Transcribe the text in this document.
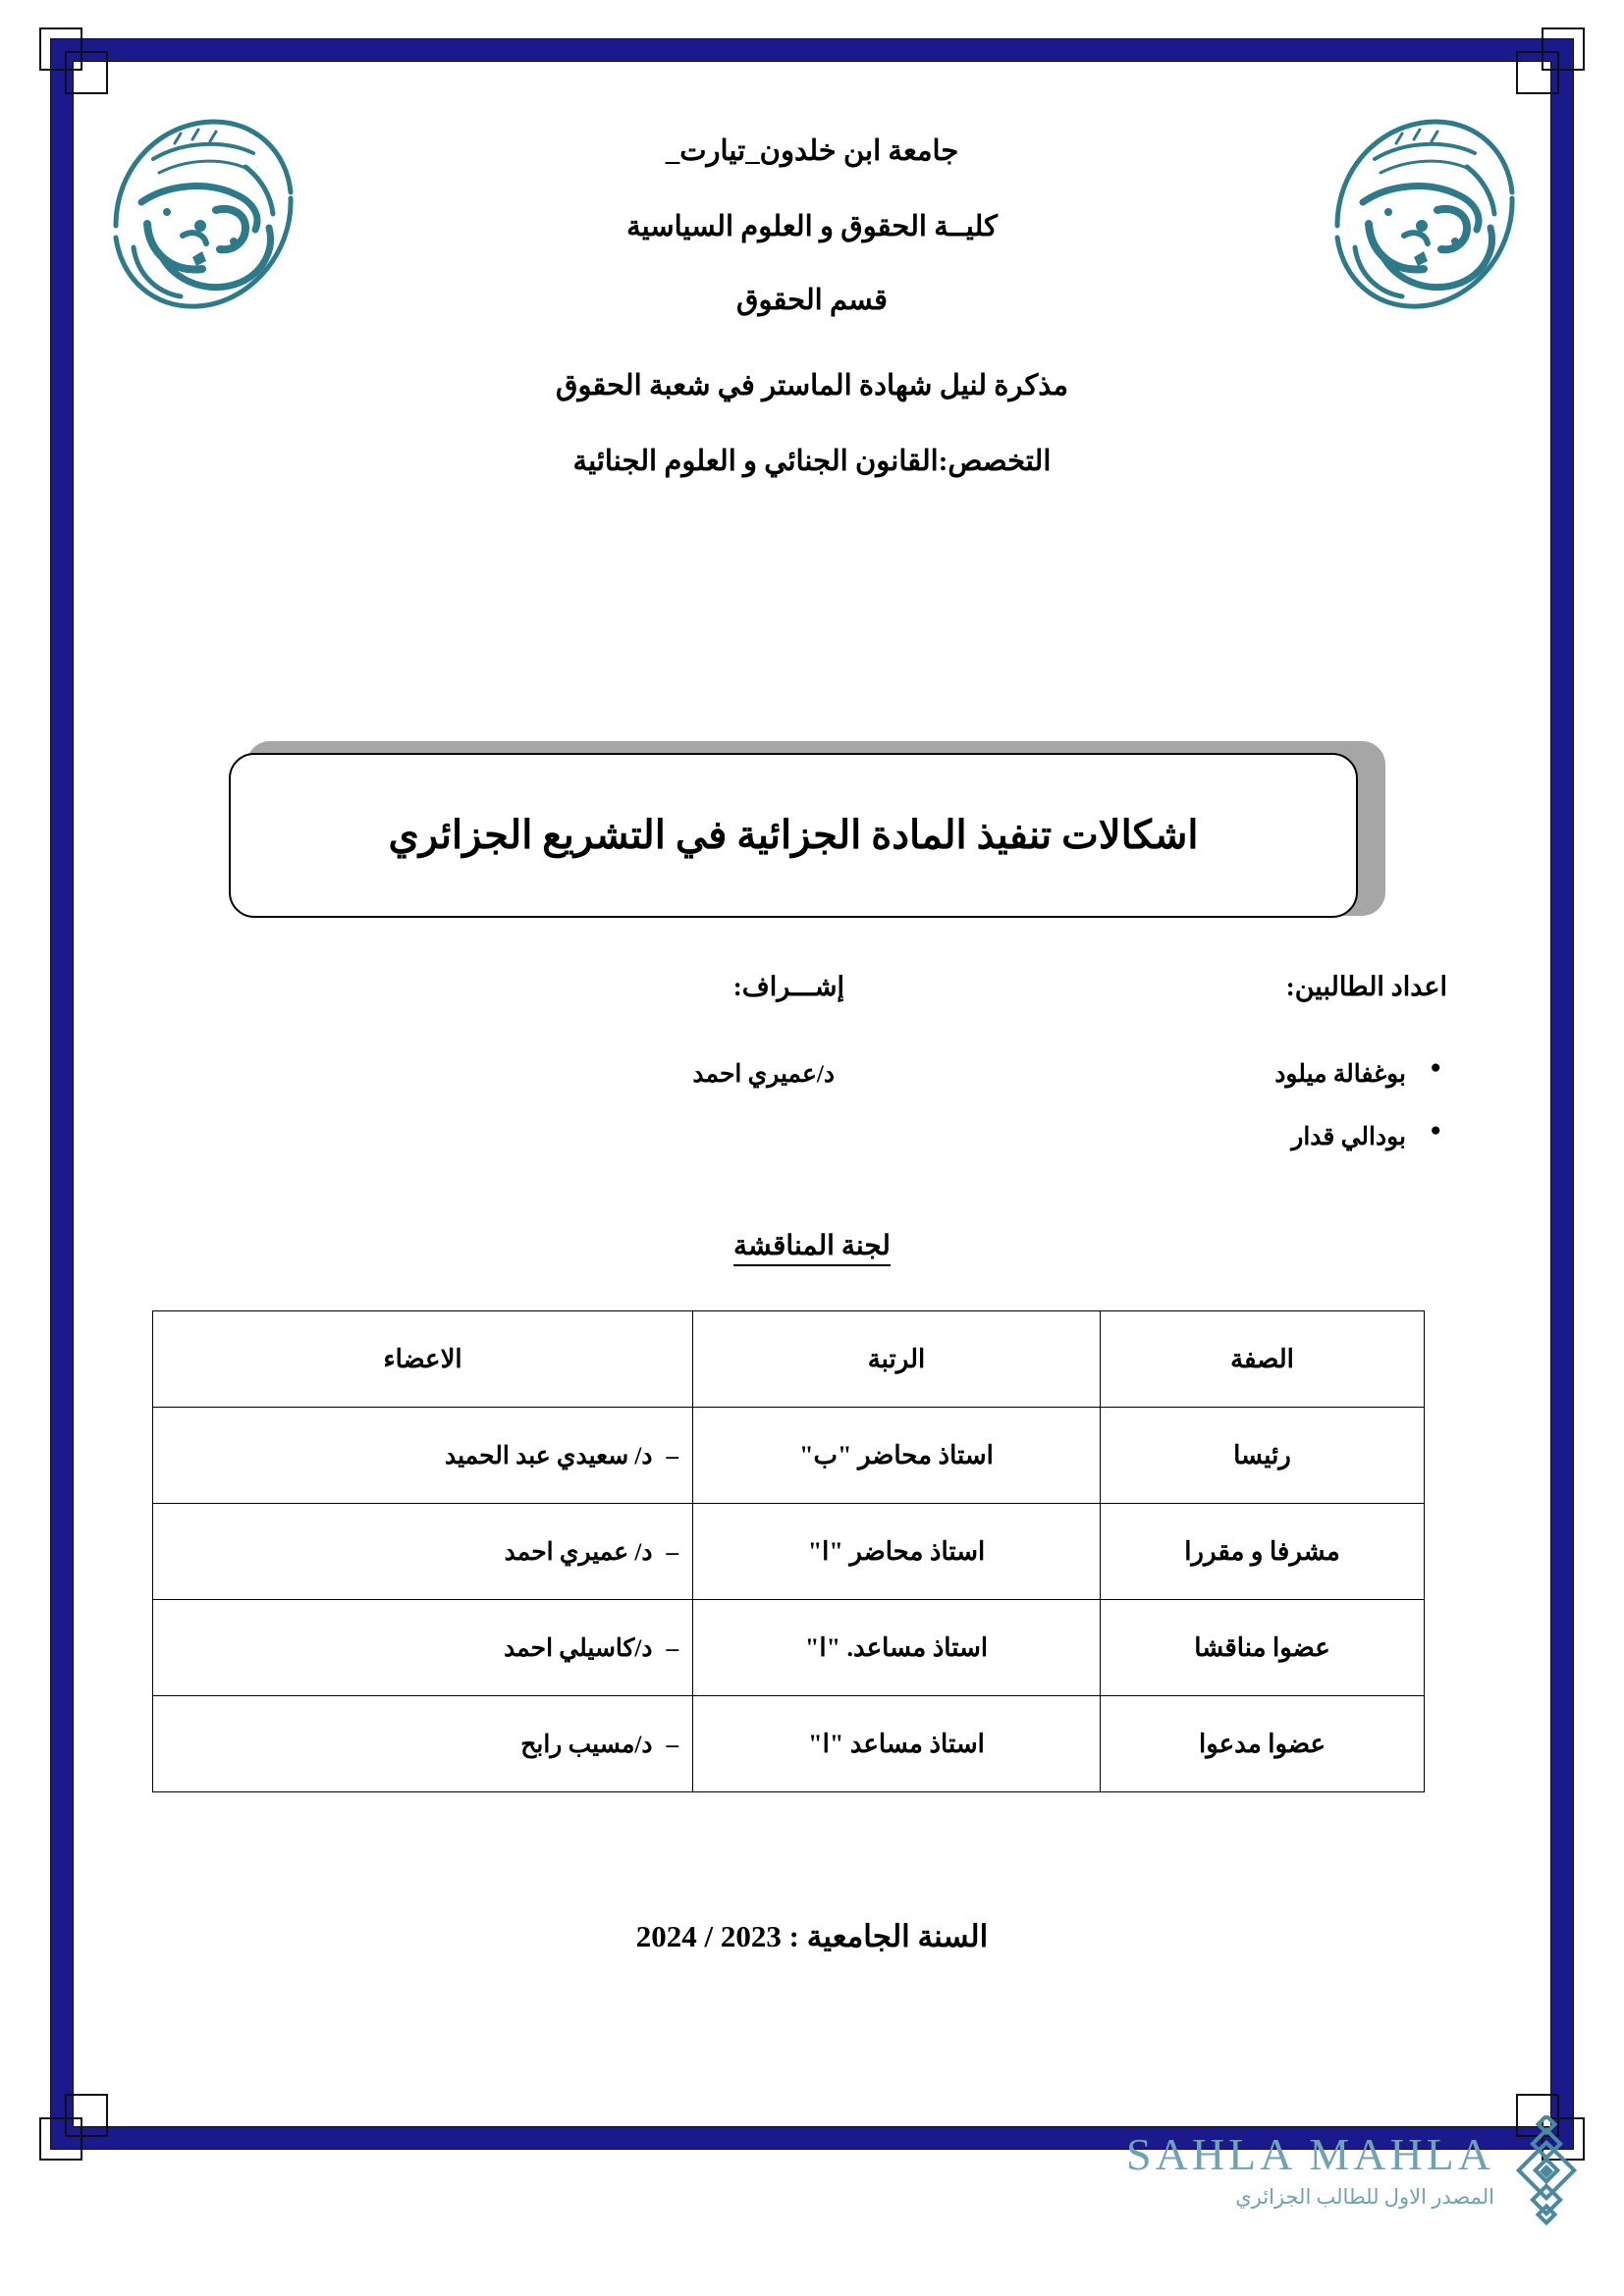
جامعة ابن خلدون_تيارت_
كليــة الحقوق و العلوم السياسية
قسم الحقوق
مذكرة لنيل شهادة الماستر في شعبة الحقوق
التخصص:القانون الجنائي و العلوم الجنائية
اشكالات تنفيذ المادة الجزائية في التشريع الجزائري
اعداد الطالبين:
● بوغفالة ميلود
● بودالي قدار
إشـــراف:
د/عميري احمد
لجنة المناقشة
الصفة	الرتبة	الاعضاء
رئيسا	استاذ محاضر "ب"	–د/ سعيدي عبد الحميد
مشرفا و مقررا	استاذ محاضر "ا"	–د/ عميري احمد
عضوا مناقشا	استاذ مساعد. "ا"	–د/كاسيلي احمد
عضوا مدعوا	استاذ مساعد "ا"	–د/مسيب رابح
السنة الجامعية : 2023 / 2024
SAHLA MAHLA
المصدر الاول للطالب الجزائري
